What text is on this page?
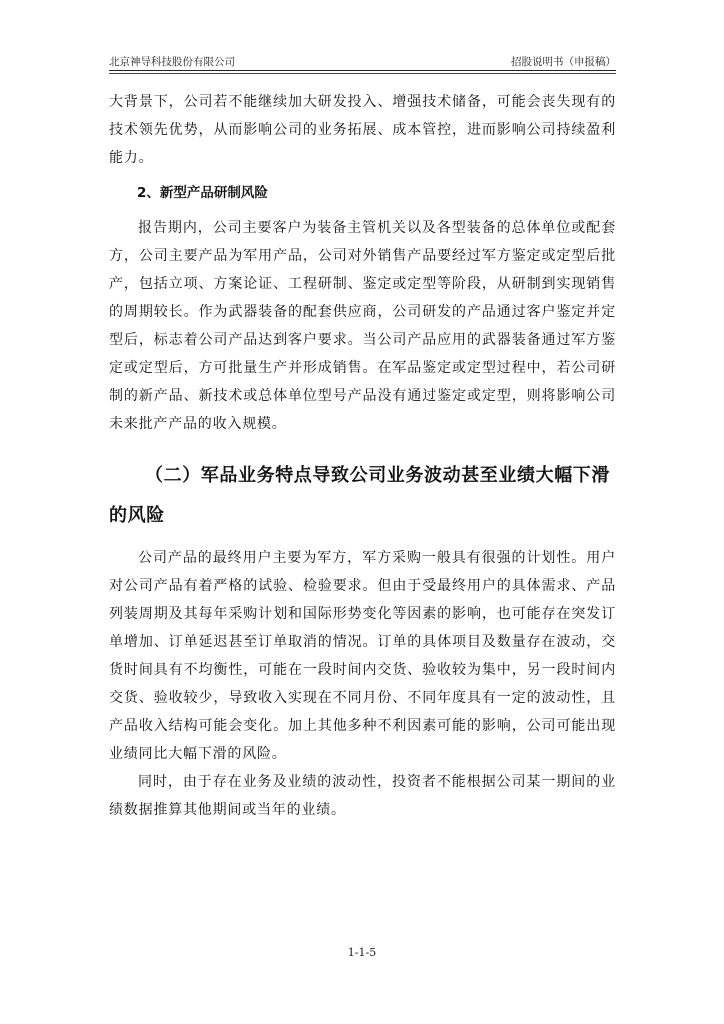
北京神导科技股份有限公司	招股说明书（申报稿）

大背景下，公司若不能继续加大研发投入、增强技术储备，可能会丧失现有的技术领先优势，从而影响公司的业务拓展、成本管控，进而影响公司持续盈利能力。

2、新型产品研制风险

报告期内，公司主要客户为装备主管机关以及各型装备的总体单位或配套方，公司主要产品为军用产品，公司对外销售产品要经过军方鉴定或定型后批产，包括立项、方案论证、工程研制、鉴定或定型等阶段，从研制到实现销售的周期较长。作为武器装备的配套供应商，公司研发的产品通过客户鉴定并定型后，标志着公司产品达到客户要求。当公司产品应用的武器装备通过军方鉴定或定型后，方可批量生产并形成销售。在军品鉴定或定型过程中，若公司研制的新产品、新技术或总体单位型号产品没有通过鉴定或定型，则将影响公司未来批产产品的收入规模。

（二）军品业务特点导致公司业务波动甚至业绩大幅下滑的风险

公司产品的最终用户主要为军方，军方采购一般具有很强的计划性。用户对公司产品有着严格的试验、检验要求。但由于受最终用户的具体需求、产品列装周期及其每年采购计划和国际形势变化等因素的影响，也可能存在突发订单增加、订单延迟甚至订单取消的情况。订单的具体项目及数量存在波动，交货时间具有不均衡性，可能在一段时间内交货、验收较为集中，另一段时间内交货、验收较少，导致收入实现在不同月份、不同年度具有一定的波动性，且产品收入结构可能会变化。加上其他多种不利因素可能的影响，公司可能出现业绩同比大幅下滑的风险。

同时，由于存在业务及业绩的波动性，投资者不能根据公司某一期间的业绩数据推算其他期间或当年的业绩。

1-1-5
